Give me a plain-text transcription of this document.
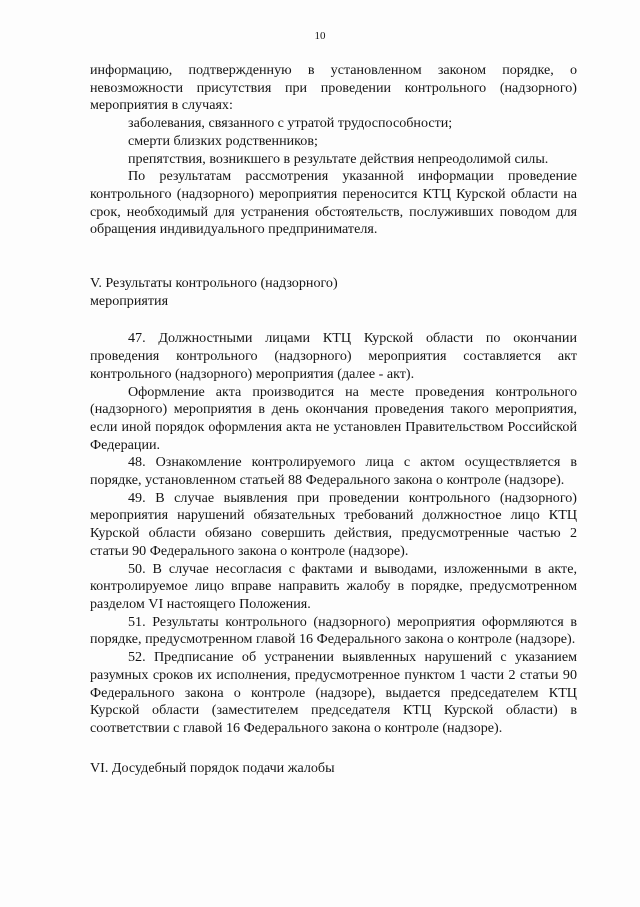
10

информацию, подтвержденную в установленном законом порядке, о невозможности присутствия при проведении контрольного (надзорного) мероприятия в случаях:

заболевания, связанного с утратой трудоспособности;

смерти близких родственников;

препятствия, возникшего в результате действия непреодолимой силы.

По результатам рассмотрения указанной информации проведение контрольного (надзорного) мероприятия переносится КТЦ Курской области на срок, необходимый для устранения обстоятельств, послуживших поводом для обращения индивидуального предпринимателя.

V. Результаты контрольного (надзорного)

мероприятия

47. Должностными лицами КТЦ Курской области по окончании проведения контрольного (надзорного) мероприятия составляется акт контрольного (надзорного) мероприятия (далее - акт).

Оформление акта производится на месте проведения контрольного (надзорного) мероприятия в день окончания проведения такого мероприятия, если иной порядок оформления акта не установлен Правительством Российской Федерации.

48. Ознакомление контролируемого лица с актом осуществляется в порядке, установленном статьей 88 Федерального закона о контроле (надзоре).

49. В случае выявления при проведении контрольного (надзорного) мероприятия нарушений обязательных требований должностное лицо КТЦ Курской области обязано совершить действия, предусмотренные частью 2 статьи 90 Федерального закона о контроле (надзоре).

50. В случае несогласия с фактами и выводами, изложенными в акте, контролируемое лицо вправе направить жалобу в порядке, предусмотренном разделом VI настоящего Положения.

51. Результаты контрольного (надзорного) мероприятия оформляются в порядке, предусмотренном главой 16 Федерального закона о контроле (надзоре).

52. Предписание об устранении выявленных нарушений с указанием разумных сроков их исполнения, предусмотренное пунктом 1 части 2 статьи 90 Федерального закона о контроле (надзоре), выдается председателем КТЦ Курской области (заместителем председателя КТЦ Курской области) в соответствии с главой 16 Федерального закона о контроле (надзоре).

VI. Досудебный порядок подачи жалобы
